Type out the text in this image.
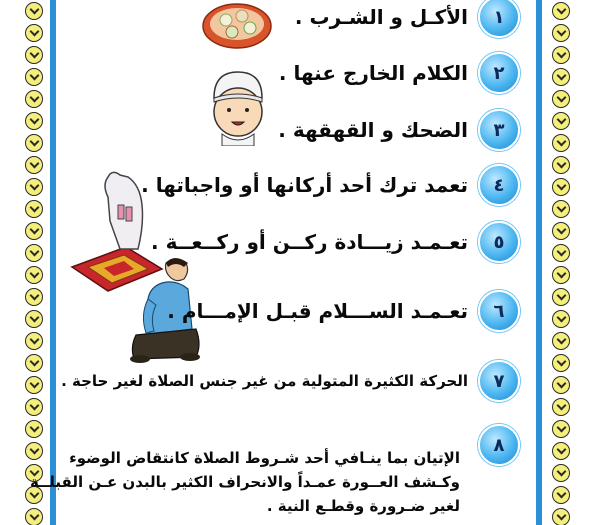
١
الأكـل و الشـرب .
٢
الكلام الخارج عنها .
٣
الضحك و القهقهة .
٤
تعمد ترك أحد أركانها أو واجباتها .
٥
تعـمـد زيـــادة ركــن أو ركــعــة .
٦
تعـمـد الســـلام قبـل الإمـــام .
٧
الحركة الكثيرة المتولية من غير جنس الصلاة لغير حاجة .
٨
الإتيان بما ينـافي أحد شـروط الصلاة كانتقاض الوضوء
وكـشف العــورة عمـداً والانحراف الكثير بالبدن عـن القبلــة
لغير ضـرورة وقطـع النية .
